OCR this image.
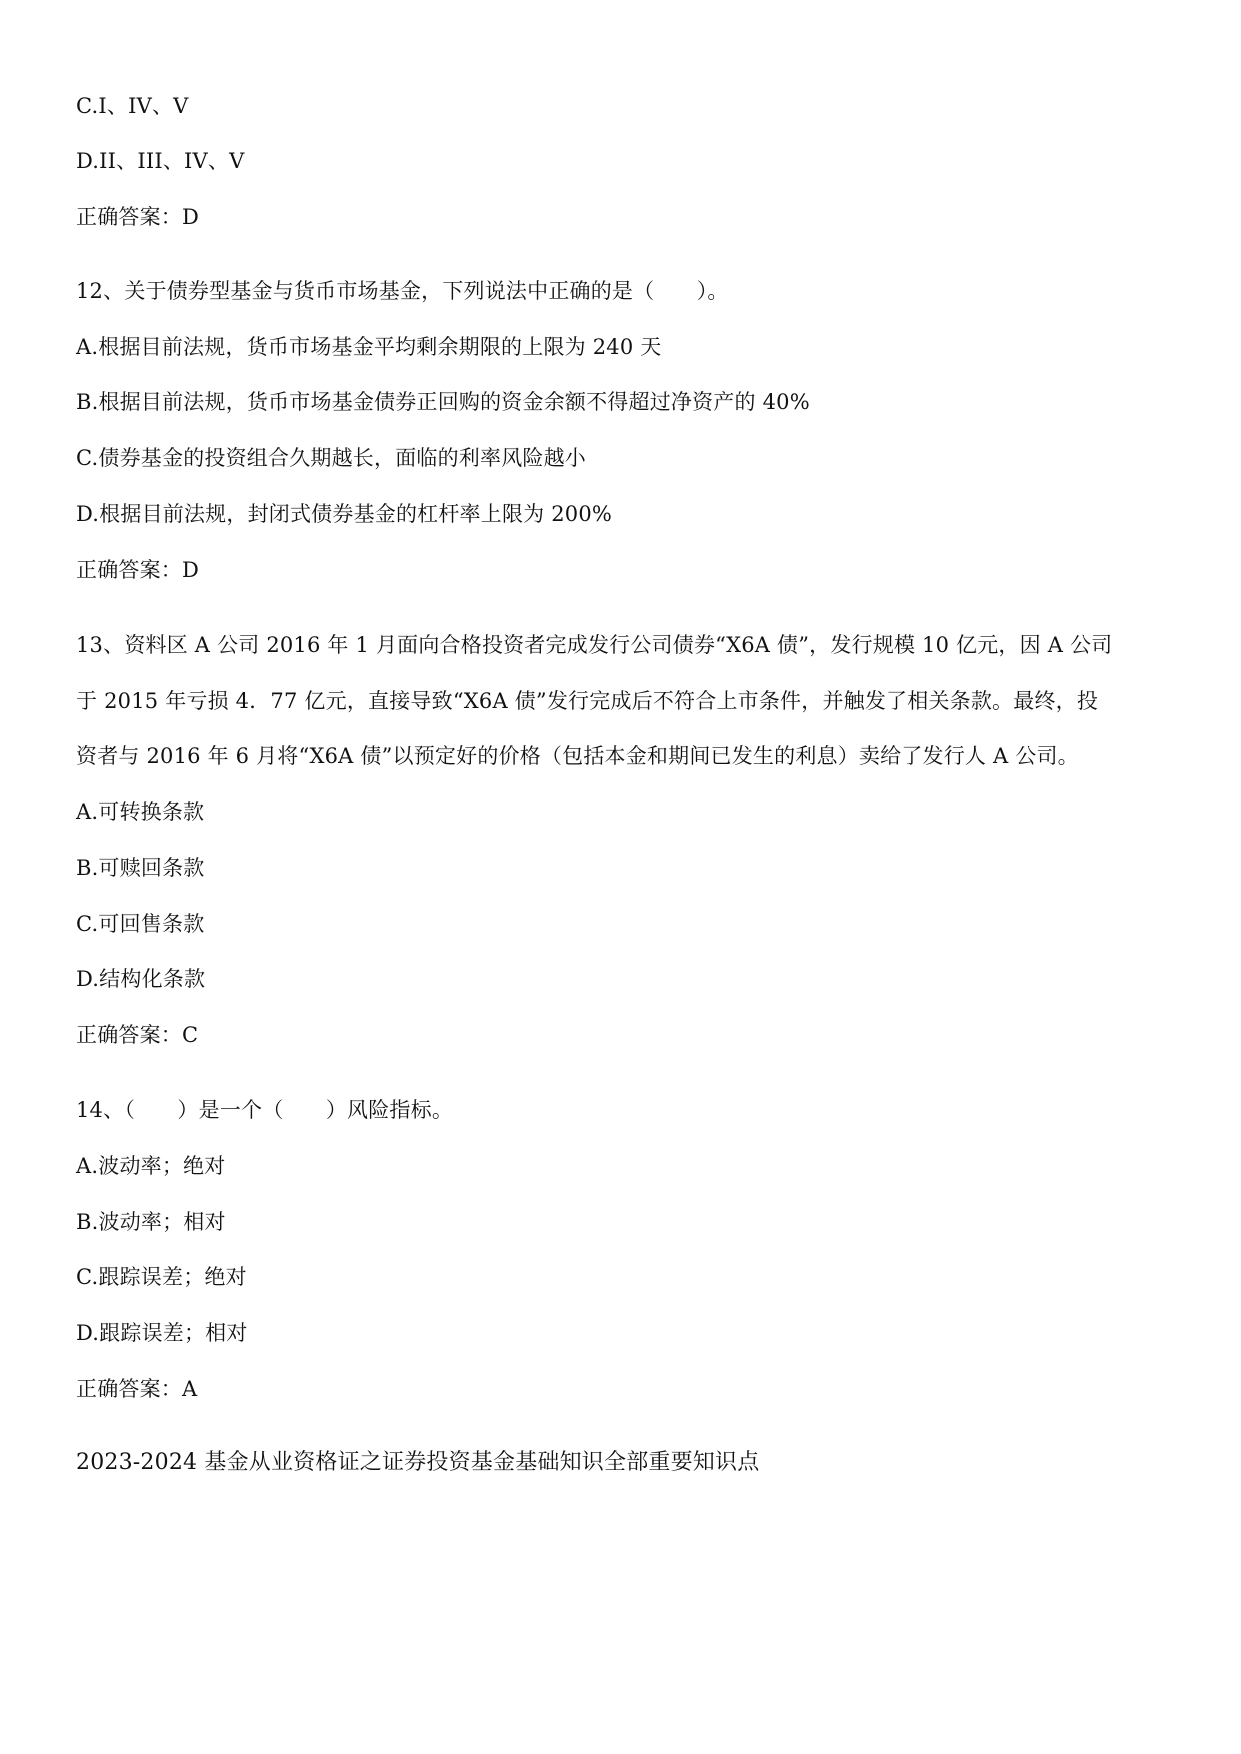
C.I、IV、V
D.II、III、IV、V
正确答案：D
12、关于债券型基金与货币市场基金，下列说法中正确的是（　　）。
A.根据目前法规，货币市场基金平均剩余期限的上限为 240 天
B.根据目前法规，货币市场基金债券正回购的资金余额不得超过净资产的 40%
C.债券基金的投资组合久期越长，面临的利率风险越小
D.根据目前法规，封闭式债券基金的杠杆率上限为 200%
正确答案：D
13、资料区 A 公司 2016 年 1 月面向合格投资者完成发行公司债券“X6A 债”，发行规模 10 亿元，因 A 公司
于 2015 年亏损 4．77 亿元，直接导致“X6A 债”发行完成后不符合上市条件，并触发了相关条款。最终，投
资者与 2016 年 6 月将“X6A 债”以预定好的价格（包括本金和期间已发生的利息）卖给了发行人 A 公司。
A.可转换条款
B.可赎回条款
C.可回售条款
D.结构化条款
正确答案：C
14、（　　）是一个（　　）风险指标。
A.波动率；绝对
B.波动率；相对
C.跟踪误差；绝对
D.跟踪误差；相对
正确答案：A
2023-2024 基金从业资格证之证券投资基金基础知识全部重要知识点
